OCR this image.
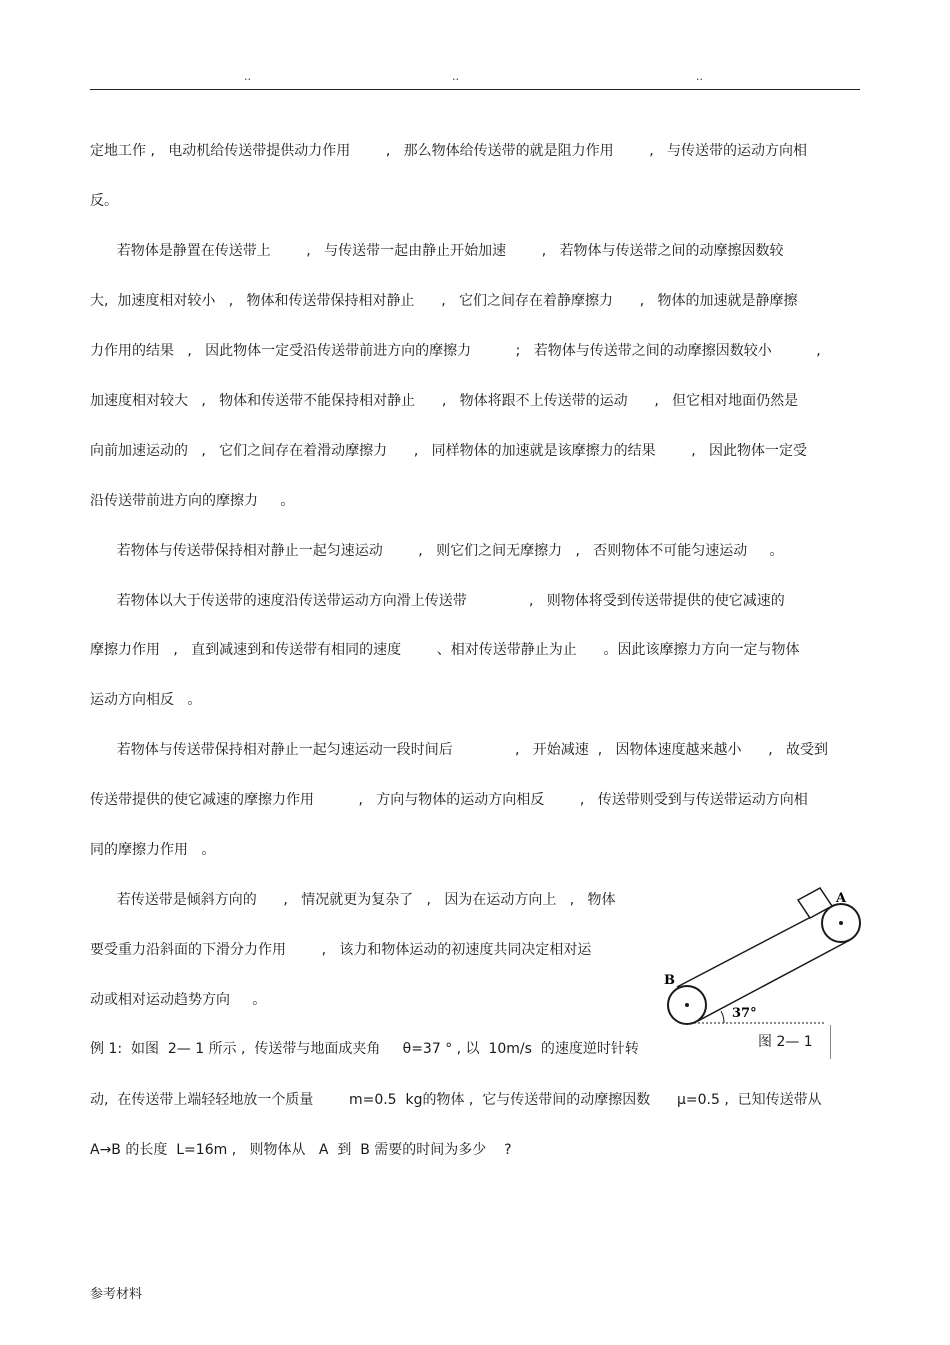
..	..	..
定地工作 ,   电动机给传送带提供动力作用        ,   那么物体给传送带的就是阻力作用        ,   与传送带的运动方向相
反。
若物体是静置在传送带上        ,   与传送带一起由静止开始加速        ,   若物体与传送带之间的动摩擦因数较
大,  加速度相对较小   ,   物体和传送带保持相对静止      ,   它们之间存在着静摩擦力      ,   物体的加速就是静摩擦
力作用的结果   ,   因此物体一定受沿传送带前进方向的摩擦力          ;   若物体与传送带之间的动摩擦因数较小          ,
加速度相对较大   ,   物体和传送带不能保持相对静止      ,   物体将跟不上传送带的运动      ,   但它相对地面仍然是
向前加速运动的   ,   它们之间存在着滑动摩擦力      ,   同样物体的加速就是该摩擦力的结果        ,   因此物体一定受
沿传送带前进方向的摩擦力     。
若物体与传送带保持相对静止一起匀速运动        ,   则它们之间无摩擦力   ,   否则物体不可能匀速运动     。
若物体以大于传送带的速度沿传送带运动方向滑上传送带              ,   则物体将受到传送带提供的使它减速的
摩擦力作用   ,   直到减速到和传送带有相同的速度        、相对传送带静止为止      。因此该摩擦力方向一定与物体
运动方向相反   。
若物体与传送带保持相对静止一起匀速运动一段时间后              ,   开始减速  ,   因物体速度越来越小      ,   故受到
传送带提供的使它减速的摩擦力作用          ,   方向与物体的运动方向相反        ,   传送带则受到与传送带运动方向相
同的摩擦力作用   。
若传送带是倾斜方向的      ,   情况就更为复杂了   ,   因为在运动方向上   ,   物体
要受重力沿斜面的下滑分力作用        ,   该力和物体运动的初速度共同决定相对运
动或相对运动趋势方向     。
例 1:  如图  2— 1 所示 ,  传送带与地面成夹角     θ=37 ° , 以  10m/s  的速度逆时针转
动,  在传送带上端轻轻地放一个质量        m=0.5  kg的物体 ,  它与传送带间的动摩擦因数      μ=0.5 ,  已知传送带从
A→B 的长度  L=16m ,   则物体从   A  到  B 需要的时间为多少    ?
A
B
37°
图 2— 1
参考材料
